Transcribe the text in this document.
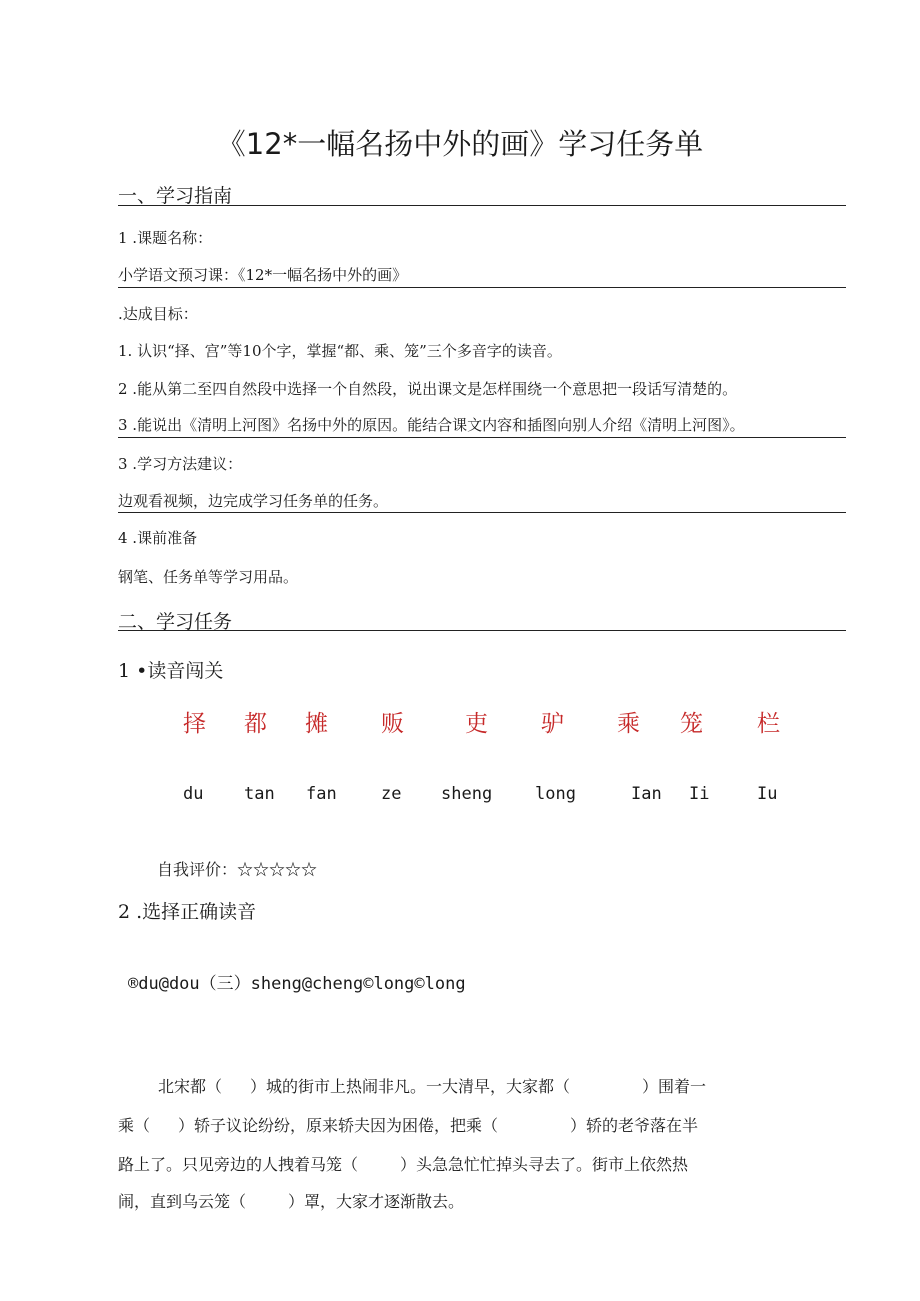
《12*一幅名扬中外的画》学习任务单
一、学习指南
1 .课题名称：
小学语文预习课：《12*一幅名扬中外的画》
.达成目标：
1. 认识“择、宫”等10个字，掌握“都、乘、笼”三个多音字的读音。
2 .能从第二至四自然段中选择一个自然段，说出课文是怎样围绕一个意思把一段话写清楚的。
3 .能说出《清明上河图》名扬中外的原因。能结合课文内容和插图向别人介绍《清明上河图》。
3 .学习方法建议：
边观看视频，边完成学习任务单的任务。
4 .课前准备
钢笔、任务单等学习用品。
二、学习任务
1 •读音闯关
择 都 摊 贩	吏 驴 乘 笼 栏
du tan fan	ze sheng	long	Ian Ii	Iu
自我评价：☆☆☆☆☆
2 .选择正确读音
®du@dou（三）sheng@cheng©long©long
北宋都（ ）城的街市上热闹非凡。一大清早，大家都（	）围着一
乘（ ）轿子议论纷纷，原来轿夫因为困倦，把乘（	）轿的老爷落在半
路上了。只见旁边的人拽着马笼（	）头急急忙忙掉头寻去了。街市上依然热
闹，直到乌云笼（	）罩，大家才逐渐散去。
